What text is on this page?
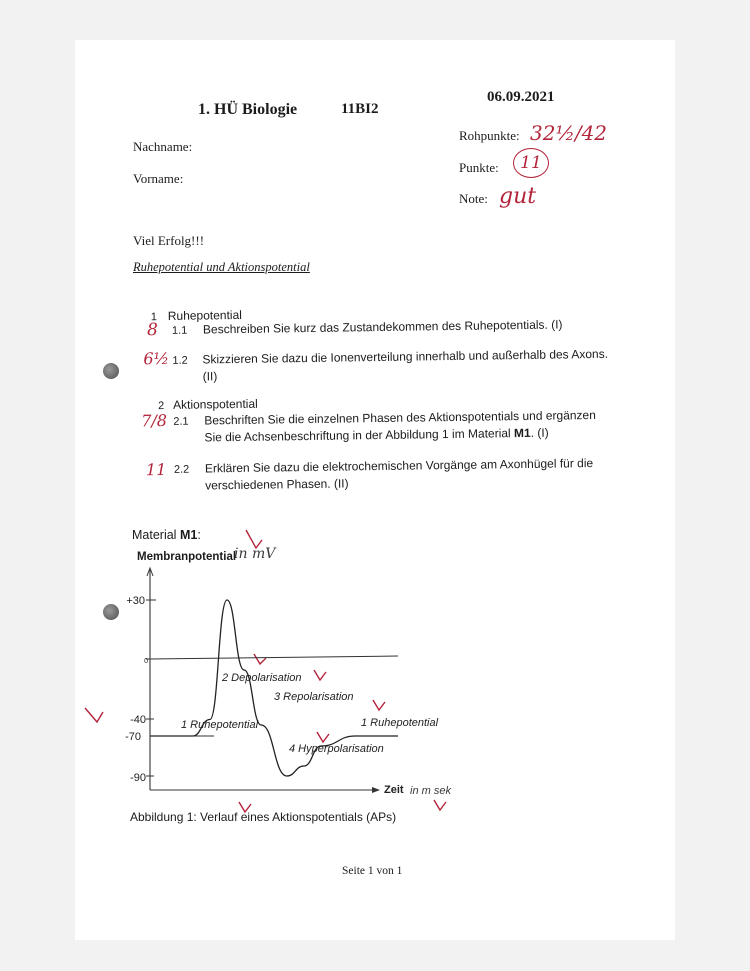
1. HÜ Biologie	11BI2
06.09.2021
Nachname:
Vorname:
Rohpunkte: 32½/42
Punkte:	11
Note: gut
Viel Erfolg!!!
Ruhepotential und Aktionspotential
1 Ruhepotential
8 1.1 Beschreiben Sie kurz das Zustandekommen des Ruhepotentials. (I)
6½ 1.2 Skizzieren Sie dazu die Ionenverteilung innerhalb und außerhalb des Axons.
(II)
2 Aktionspotential
7/8 2.1 Beschriften Sie die einzelnen Phasen des Aktionspotentials und ergänzen
Sie die Achsenbeschriftung in der Abbildung 1 im Material M1. (I)
11 2.2 Erklären Sie dazu die elektrochemischen Vorgänge am Axonhügel für die
verschiedenen Phasen. (II)
Material M1:
Membranpotential
in mV
+30
0
-40
-70
-90
2 Depolarisation
3 Repolarisation
1 Ruhepotential	1 Ruhepotential
4 Hyperpolarisation
Zeit in m sek
Abbildung 1: Verlauf eines Aktionspotentials (APs)
Seite 1 von 1
